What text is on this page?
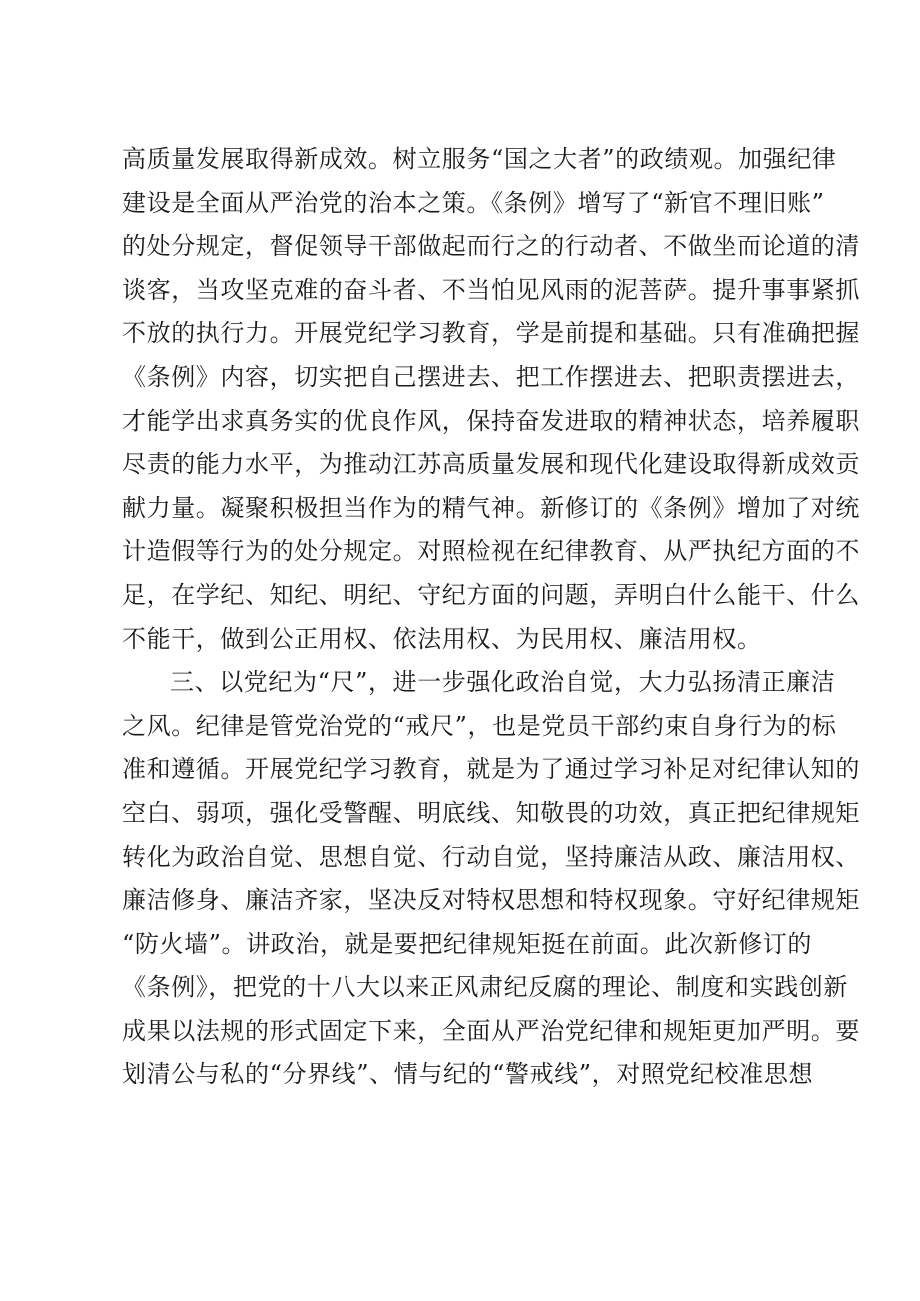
高质量发展取得新成效。树立服务“国之大者”的政绩观。加强纪律
建设是全面从严治党的治本之策。《条例》增写了“新官不理旧账”
的处分规定，督促领导干部做起而行之的行动者、不做坐而论道的清
谈客，当攻坚克难的奋斗者、不当怕见风雨的泥菩萨。提升事事紧抓
不放的执行力。开展党纪学习教育，学是前提和基础。只有准确把握
《条例》内容，切实把自己摆进去、把工作摆进去、把职责摆进去，
才能学出求真务实的优良作风，保持奋发进取的精神状态，培养履职
尽责的能力水平，为推动江苏高质量发展和现代化建设取得新成效贡
献力量。凝聚积极担当作为的精气神。新修订的《条例》增加了对统
计造假等行为的处分规定。对照检视在纪律教育、从严执纪方面的不
足，在学纪、知纪、明纪、守纪方面的问题，弄明白什么能干、什么
不能干，做到公正用权、依法用权、为民用权、廉洁用权。
三、以党纪为“尺”，进一步强化政治自觉，大力弘扬清正廉洁
之风。纪律是管党治党的“戒尺”，也是党员干部约束自身行为的标
准和遵循。开展党纪学习教育，就是为了通过学习补足对纪律认知的
空白、弱项，强化受警醒、明底线、知敬畏的功效，真正把纪律规矩
转化为政治自觉、思想自觉、行动自觉，坚持廉洁从政、廉洁用权、
廉洁修身、廉洁齐家，坚决反对特权思想和特权现象。守好纪律规矩
“防火墙”。讲政治，就是要把纪律规矩挺在前面。此次新修订的
《条例》，把党的十八大以来正风肃纪反腐的理论、制度和实践创新
成果以法规的形式固定下来，全面从严治党纪律和规矩更加严明。要
划清公与私的“分界线”、情与纪的“警戒线”，对照党纪校准思想
